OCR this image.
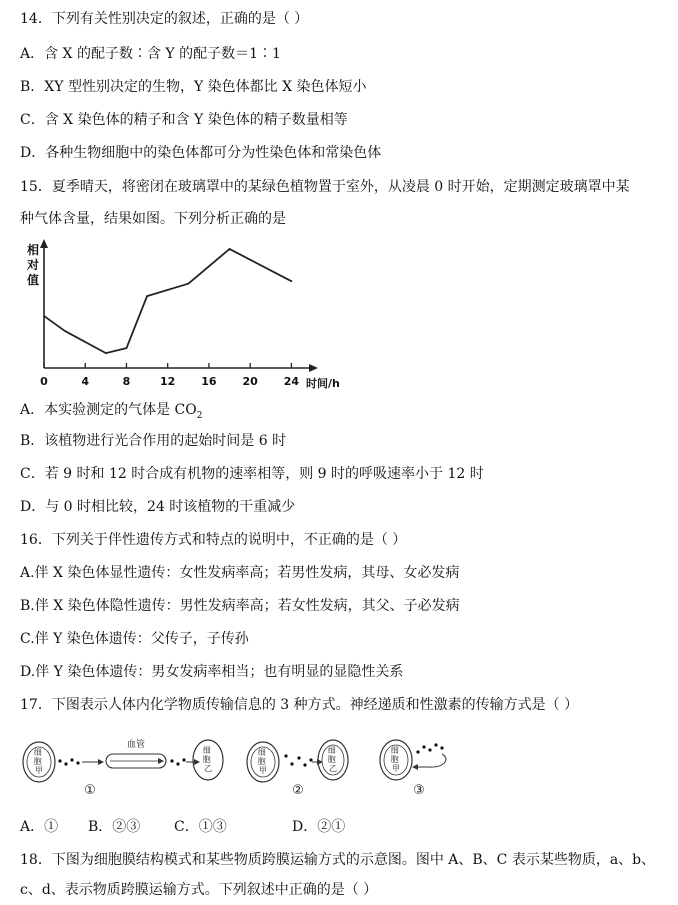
14．下列有关性别决定的叙述，正确的是（ ）
A．含 X 的配子数∶含 Y 的配子数＝1∶1
B．XY 型性别决定的生物，Y 染色体都比 X 染色体短小
C．含 X 染色体的精子和含 Y 染色体的精子数量相等
D．各种生物细胞中的染色体都可分为性染色体和常染色体
15．夏季晴天，将密闭在玻璃罩中的某绿色植物置于室外，从凌晨 0 时开始，定期测定玻璃罩中某
种气体含量，结果如图。下列分析正确的是
相
对
值
0	4	8	12 16 20 24 时间/h
A．本实验测定的气体是 $CO_2$
B．该植物进行光合作用的起始时间是 6 时
C．若 9 时和 12 时合成有机物的速率相等，则 9 时的呼吸速率小于 12 时
D．与 0 时相比较，24 时该植物的干重减少
16．下列关于伴性遗传方式和特点的说明中，不正确的是（ ）
A.伴 X 染色体显性遗传：女性发病率高；若男性发病，其母、女必发病
B.伴 X 染色体隐性遗传：男性发病率高；若女性发病，其父、子必发病
C.伴 Y 染色体遗传：父传子，子传孙
D.伴 Y 染色体遗传：男女发病率相当；也有明显的显隐性关系
17．下图表示人体内化学物质传输信息的 3 种方式。神经递质和性激素的传输方式是（ ）
细 胞 甲
血管
细 胞 乙
①
细 胞 甲
细 胞 乙
②
细 胞 甲
③
A．① B．②③ C．①③	D．②①
18．下图为细胞膜结构模式和某些物质跨膜运输方式的示意图。图中 A、B、C 表示某些物质，a、b、
c、d、表示物质跨膜运输方式。下列叙述中正确的是（ ）
